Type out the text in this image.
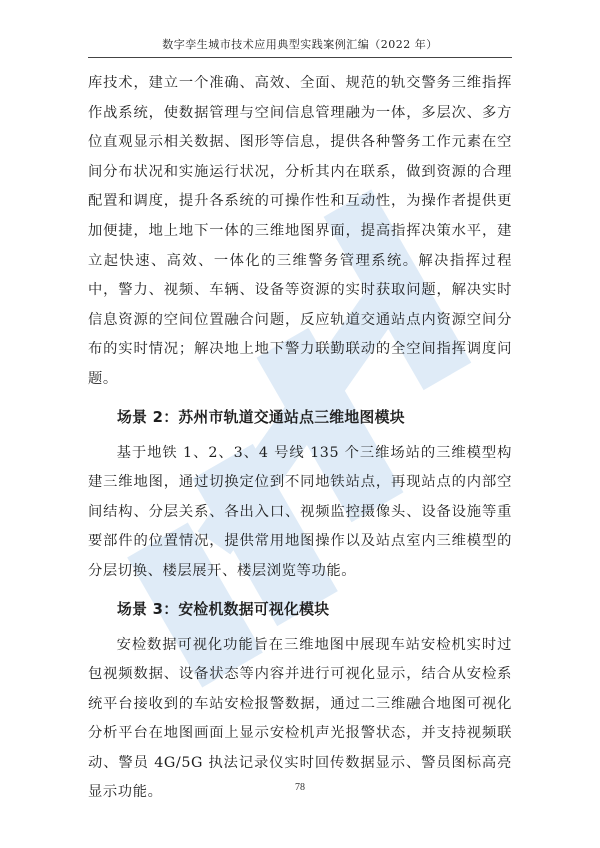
数字孪生城市技术应用典型实践案例汇编（2022 年）

库技术，建立一个准确、高效、全面、规范的轨交警务三维指挥作战系统，使数据管理与空间信息管理融为一体，多层次、多方位直观显示相关数据、图形等信息，提供各种警务工作元素在空间分布状况和实施运行状况，分析其内在联系，做到资源的合理配置和调度，提升各系统的可操作性和互动性，为操作者提供更加便捷，地上地下一体的三维地图界面，提高指挥决策水平，建立起快速、高效、一体化的三维警务管理系统。解决指挥过程中，警力、视频、车辆、设备等资源的实时获取问题，解决实时信息资源的空间位置融合问题，反应轨道交通站点内资源空间分布的实时情况；解决地上地下警力联勤联动的全空间指挥调度问题。

场景 2：苏州市轨道交通站点三维地图模块

基于地铁 1、2、3、4 号线 135 个三维场站的三维模型构建三维地图，通过切换定位到不同地铁站点，再现站点的内部空间结构、分层关系、各出入口、视频监控摄像头、设备设施等重要部件的位置情况，提供常用地图操作以及站点室内三维模型的分层切换、楼层展开、楼层浏览等功能。

场景 3：安检机数据可视化模块

安检数据可视化功能旨在三维地图中展现车站安检机实时过包视频数据、设备状态等内容并进行可视化显示，结合从安检系统平台接收到的车站安检报警数据，通过二三维融合地图可视化分析平台在地图画面上显示安检机声光报警状态，并支持视频联动、警员 4G/5G 执法记录仪实时回传数据显示、警员图标高亮显示功能。	78
